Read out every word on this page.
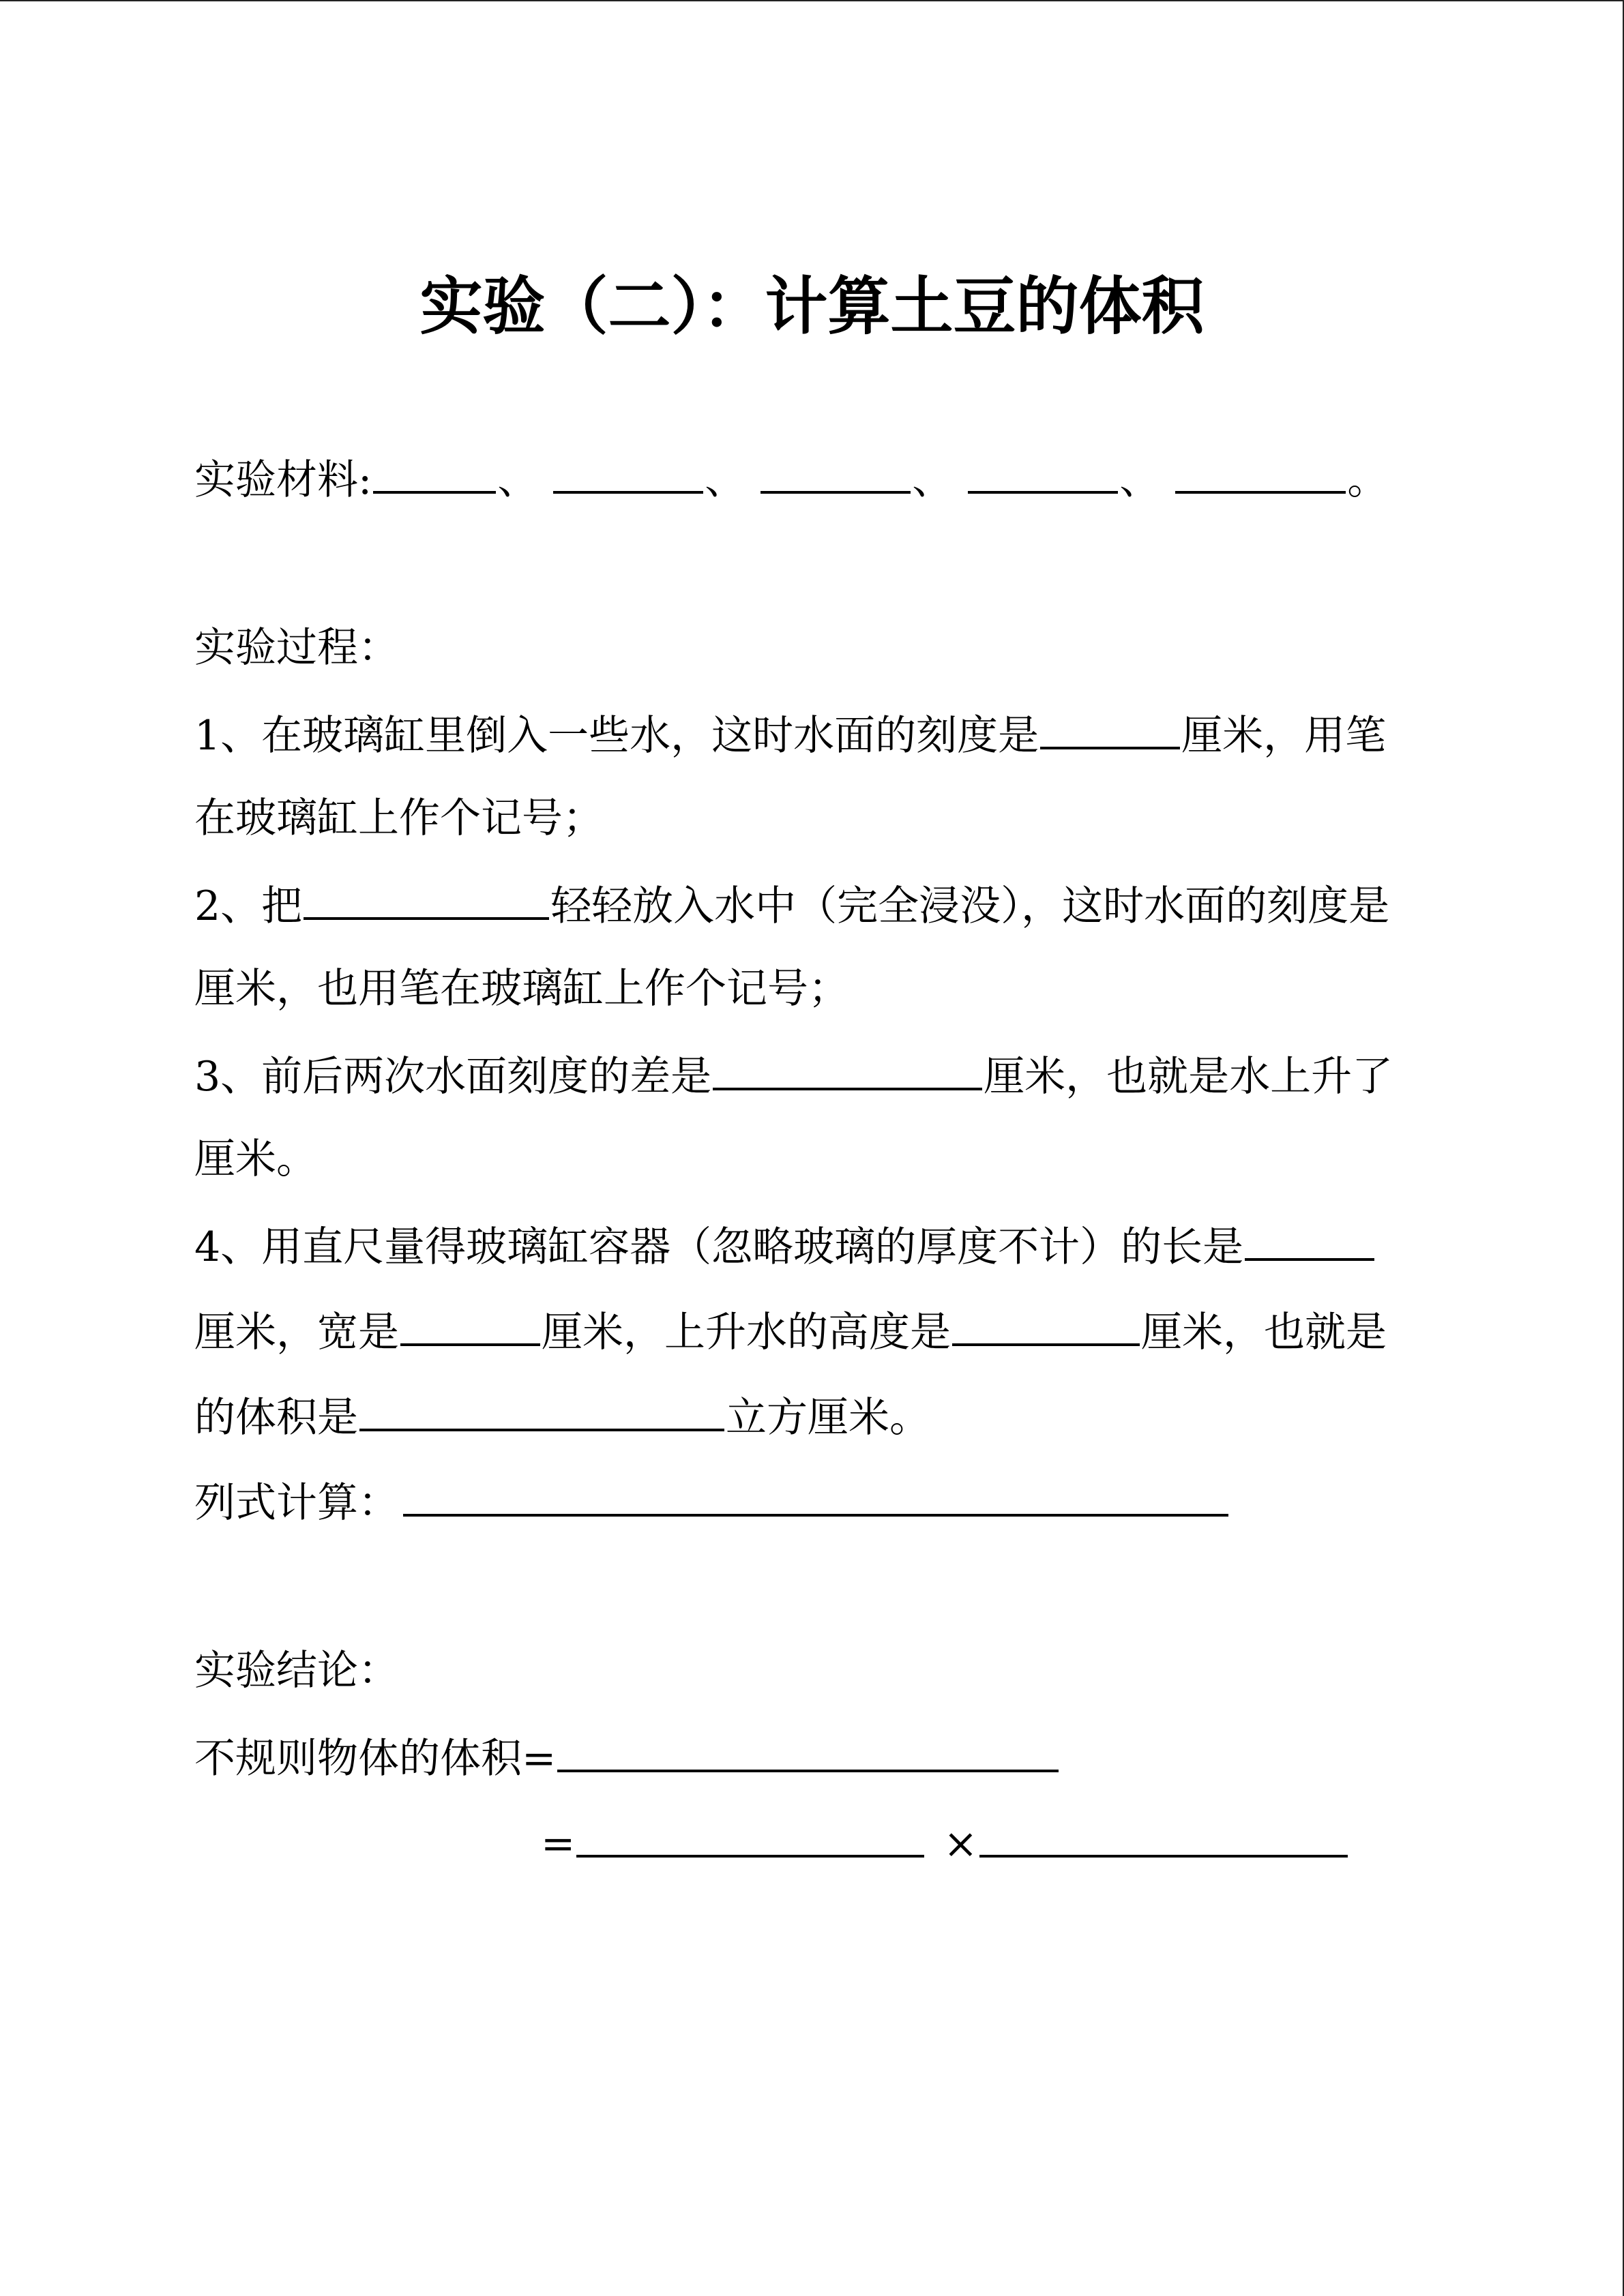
实验（二）：计算土豆的体积
实验材料:	、	、	、	、	。
实验过程：
1、在玻璃缸里倒入一些水，这时水面的刻度是	厘米，用笔
在玻璃缸上作个记号；
2、把	轻轻放入水中（完全浸没），这时水面的刻度是
厘米，也用笔在玻璃缸上作个记号；
3、前后两次水面刻度的差是	厘米，也就是水上升了
厘米。
4、用直尺量得玻璃缸容器（忽略玻璃的厚度不计）的长是
厘米，宽是	厘米，上升水的高度是	厘米，也就是
的体积是	立方厘米。
列式计算：
实验结论：
不规则物体的体积=
=	×
